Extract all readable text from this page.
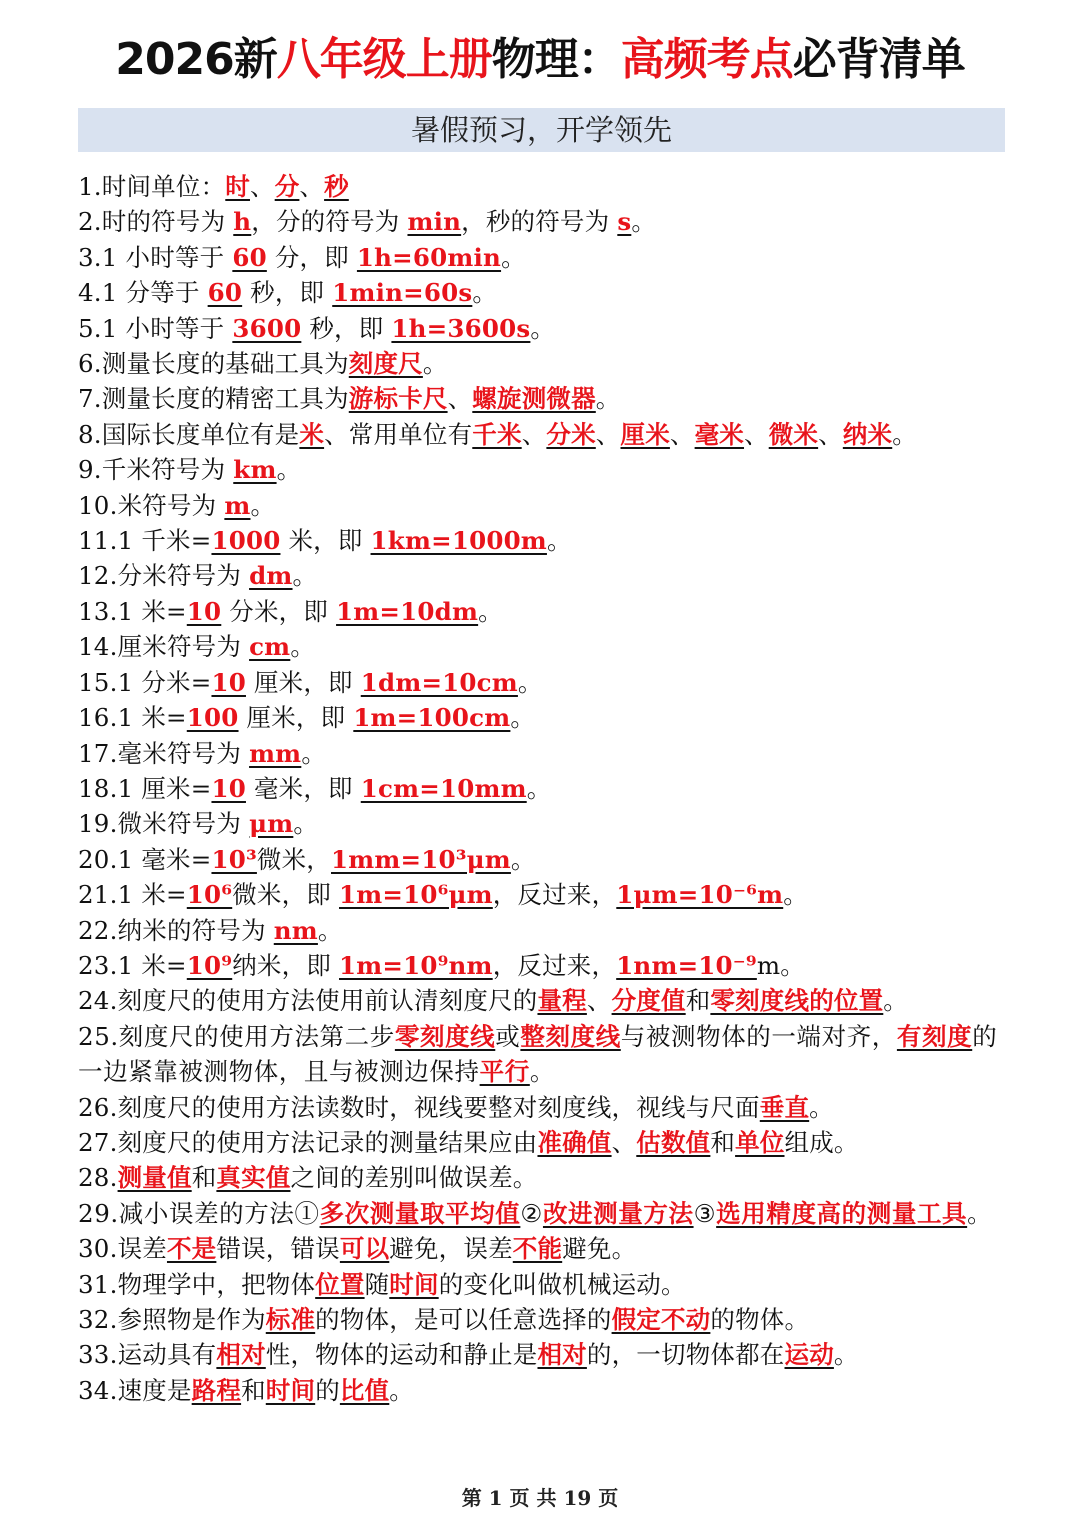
2026新八年级上册物理：高频考点必背清单
暑假预习，开学领先
1.时间单位：时、分、秒
2.时的符号为 h，分的符号为 min，秒的符号为 s。
3.1 小时等于 60 分，即 1h=60min。
4.1 分等于 60 秒，即 1min=60s。
5.1 小时等于 3600 秒，即 1h=3600s。
6.测量长度的基础工具为刻度尺。
7.测量长度的精密工具为游标卡尺、螺旋测微器。
8.国际长度单位有是米、常用单位有千米、分米、厘米、毫米、微米、纳米。
9.千米符号为 km。
10.米符号为 m。
11.1 千米=1000 米，即 1km=1000m。
12.分米符号为 dm。
13.1 米=10 分米，即 1m=10dm。
14.厘米符号为 cm。
15.1 分米=10 厘米，即 1dm=10cm。
16.1 米=100 厘米，即 1m=100cm。
17.毫米符号为 mm。
18.1 厘米=10 毫米，即 1cm=10mm。
19.微米符号为 μm。
20.1 毫米=10³微米，1mm=10³μm。
21.1 米=10⁶微米，即 1m=10⁶μm，反过来，1μm=10⁻⁶m。
22.纳米的符号为 nm。
23.1 米=10⁹纳米，即 1m=10⁹nm，反过来，1nm=10⁻⁹m。
24.刻度尺的使用方法使用前认清刻度尺的量程、分度值和零刻度线的位置。
25.刻度尺的使用方法第二步零刻度线或整刻度线与被测物体的一端对齐，有刻度的一边紧靠被测物体，且与被测边保持平行。
26.刻度尺的使用方法读数时，视线要整对刻度线，视线与尺面垂直。
27.刻度尺的使用方法记录的测量结果应由准确值、估数值和单位组成。
28.测量值和真实值之间的差别叫做误差。
29.减小误差的方法①多次测量取平均值②改进测量方法③选用精度高的测量工具。
30.误差不是错误，错误可以避免，误差不能避免。
31.物理学中，把物体位置随时间的变化叫做机械运动。
32.参照物是作为标准的物体，是可以任意选择的假定不动的物体。
33.运动具有相对性，物体的运动和静止是相对的，一切物体都在运动。
34.速度是路程和时间的比值。
第 1 页 共 19 页
